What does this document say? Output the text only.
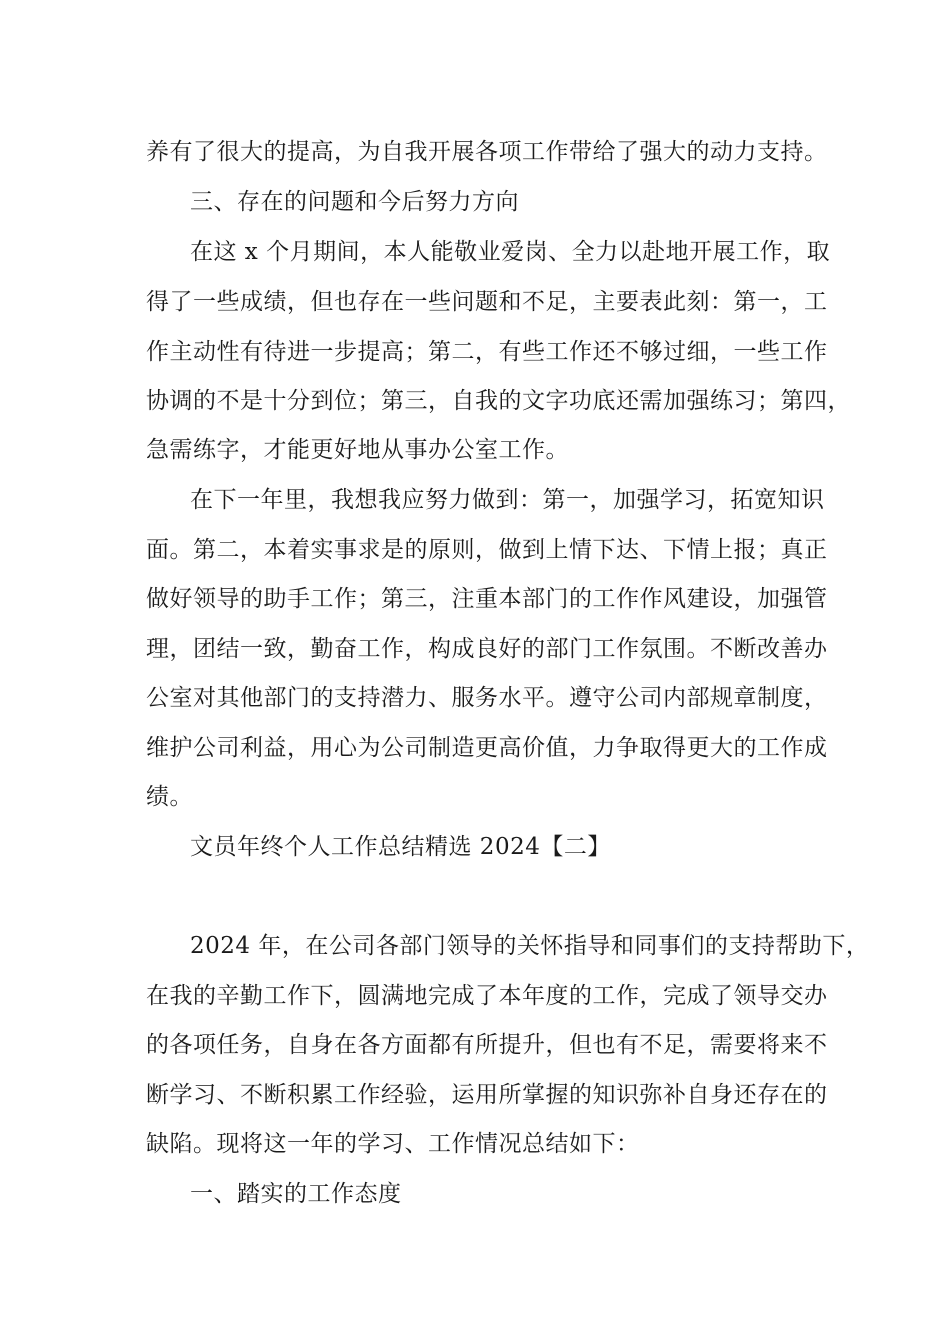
养有了很大的提高，为自我开展各项工作带给了强大的动力支持。
三、存在的问题和今后努力方向
在这 x 个月期间，本人能敬业爱岗、全力以赴地开展工作，取
得了一些成绩，但也存在一些问题和不足，主要表此刻：第一，工
作主动性有待进一步提高；第二，有些工作还不够过细，一些工作
协调的不是十分到位；第三，自我的文字功底还需加强练习；第四，
急需练字，才能更好地从事办公室工作。
在下一年里，我想我应努力做到：第一，加强学习，拓宽知识
面。第二，本着实事求是的原则，做到上情下达、下情上报；真正
做好领导的助手工作；第三，注重本部门的工作作风建设，加强管
理，团结一致，勤奋工作，构成良好的部门工作氛围。不断改善办
公室对其他部门的支持潜力、服务水平。遵守公司内部规章制度，
维护公司利益，用心为公司制造更高价值，力争取得更大的工作成
绩。
文员年终个人工作总结精选 2024【二】
2024 年，在公司各部门领导的关怀指导和同事们的支持帮助下，
在我的辛勤工作下，圆满地完成了本年度的工作，完成了领导交办
的各项任务，自身在各方面都有所提升，但也有不足，需要将来不
断学习、不断积累工作经验，运用所掌握的知识弥补自身还存在的
缺陷。现将这一年的学习、工作情况总结如下：
一、踏实的工作态度
